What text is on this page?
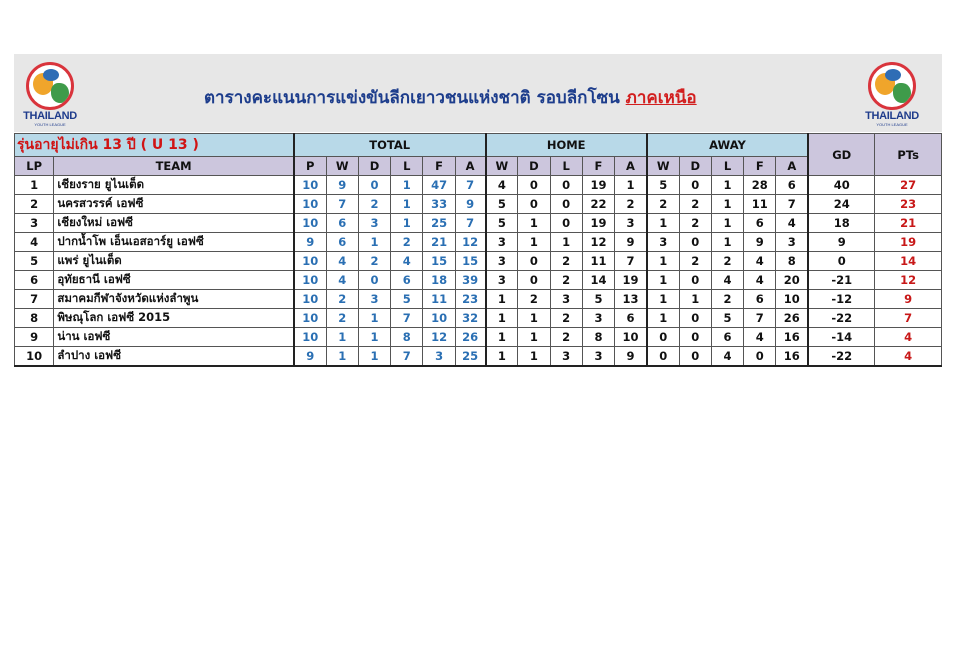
THAILAND
YOUTH LEAGUE
ตารางคะแนนการแข่งขันลีกเยาวชนแห่งชาติ รอบลีกโซน ภาคเหนือ
THAILAND
YOUTH LEAGUE
รุ่นอายุไม่เกิน 13 ปี ( U 13 )		TOTAL						HOME					AWAY					GD	PTs
LP	TEAM	P	W	D	L	F	A	W	D	L	F	A	W	D	L	F	A		
1	เชียงราย ยูไนเต็ด	10	9	0	1	47	7	4	0	0	19	1	5	0	1	28	6	40	27
2	นครสวรรค์ เอฟซี	10	7	2	1	33	9	5	0	0	22	2	2	2	1	11	7	24	23
3	เชียงใหม่ เอฟซี	10	6	3	1	25	7	5	1	0	19	3	1	2	1	6	4	18	21
4	ปากน้ำโพ เอ็นเอสอาร์ยู เอฟซี	9	6	1	2	21	12	3	1	1	12	9	3	0	1	9	3	9	19
5	แพร่ ยูไนเต็ด	10	4	2	4	15	15	3	0	2	11	7	1	2	2	4	8	0	14
6	อุทัยธานี เอฟซี	10	4	0	6	18	39	3	0	2	14	19	1	0	4	4	20	-21	12
7	สมาคมกีฬาจังหวัดแห่งลำพูน	10	2	3	5	11	23	1	2	3	5	13	1	1	2	6	10	-12	9
8	พิษณุโลก เอฟซี 2015	10	2	1	7	10	32	1	1	2	3	6	1	0	5	7	26	-22	7
9	น่าน เอฟซี	10	1	1	8	12	26	1	1	2	8	10	0	0	6	4	16	-14	4
10	ลำปาง เอฟซี	9	1	1	7	3	25	1	1	3	3	9	0	0	4	0	16	-22	4
